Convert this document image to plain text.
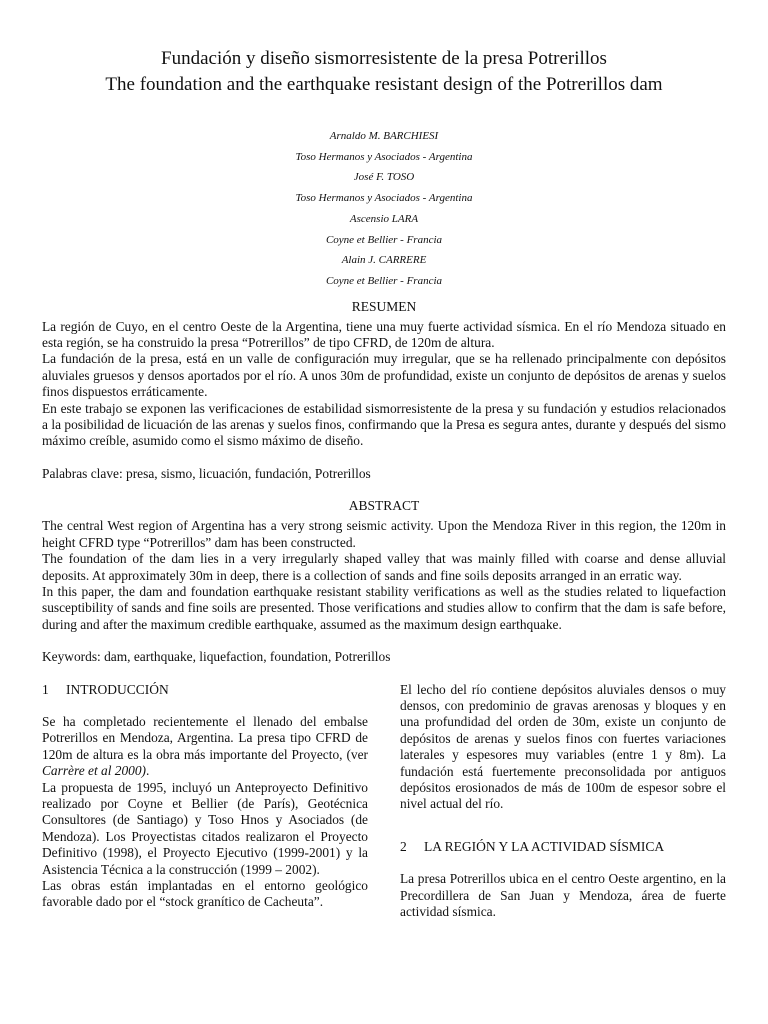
Fundación y diseño sismorresistente de la presa Potrerillos
The foundation and the earthquake resistant design of the Potrerillos dam
Arnaldo M. BARCHIESI
Toso Hermanos y Asociados - Argentina
José F. TOSO
Toso Hermanos y Asociados - Argentina
Ascensio LARA
Coyne et Bellier - Francia
Alain J. CARRERE
Coyne et Bellier - Francia
RESUMEN

La región de Cuyo, en el centro Oeste de la Argentina, tiene una muy fuerte actividad sísmica. En el río Mendoza situado en esta región, se ha construido la presa “Potrerillos” de tipo CFRD, de 120m de altura.

La fundación de la presa, está en un valle de configuración muy irregular, que se ha rellenado principalmente con depósitos aluviales gruesos y densos aportados por el río. A unos 30m de profundidad, existe un conjunto de depósitos de arenas y suelos finos dispuestos erráticamente.

En este trabajo se exponen las verificaciones de estabilidad sismorresistente de la presa y su fundación y estudios relacionados a la posibilidad de licuación de las arenas y suelos finos, confirmando que la Presa es segura antes, durante y después del sismo máximo creíble, asumido como el sismo máximo de diseño.

Palabras clave: presa, sismo, licuación, fundación, Potrerillos
ABSTRACT

The central West region of Argentina has a very strong seismic activity. Upon the Mendoza River in this region, the 120m in height CFRD type “Potrerillos” dam has been constructed.

The foundation of the dam lies in a very irregularly shaped valley that was mainly filled with coarse and dense alluvial deposits. At approximately 30m in deep, there is a collection of sands and fine soils deposits arranged in an erratic way.

In this paper, the dam and foundation earthquake resistant stability verifications as well as the studies related to liquefaction susceptibility of sands and fine soils are presented. Those verifications and studies allow to confirm that the dam is safe before, during and after the maximum credible earthquake, assumed as the maximum design earthquake.

Keywords: dam, earthquake, liquefaction, foundation, Potrerillos
1 INTRODUCCIÓN

Se ha completado recientemente el llenado del embalse Potrerillos en Mendoza, Argentina. La presa tipo CFRD de 120m de altura es la obra más importante del Proyecto, (ver Carrère et al 2000).

La propuesta de 1995, incluyó un Anteproyecto Definitivo realizado por Coyne et Bellier (de París), Geotécnica Consultores (de Santiago) y Toso Hnos y Asociados (de Mendoza). Los Proyectistas citados realizaron el Proyecto Definitivo (1998), el Proyecto Ejecutivo (1999-2001) y la Asistencia Técnica a la construcción (1999 – 2002).

Las obras están implantadas en el entorno geológico favorable dado por el “stock granítico de Cacheuta”.

El lecho del río contiene depósitos aluviales densos o muy densos, con predominio de gravas arenosas y bloques y en una profundidad del orden de 30m, existe un conjunto de depósitos de arenas y suelos finos con fuertes variaciones laterales y espesores muy variables (entre 1 y 8m). La fundación está fuertemente preconsolidada por antiguos depósitos erosionados de más de 100m de espesor sobre el nivel actual del río.

2 LA REGIÓN Y LA ACTIVIDAD SÍSMICA

La presa Potrerillos ubica en el centro Oeste argentino, en la Precordillera de San Juan y Mendoza, área de fuerte actividad sísmica.
